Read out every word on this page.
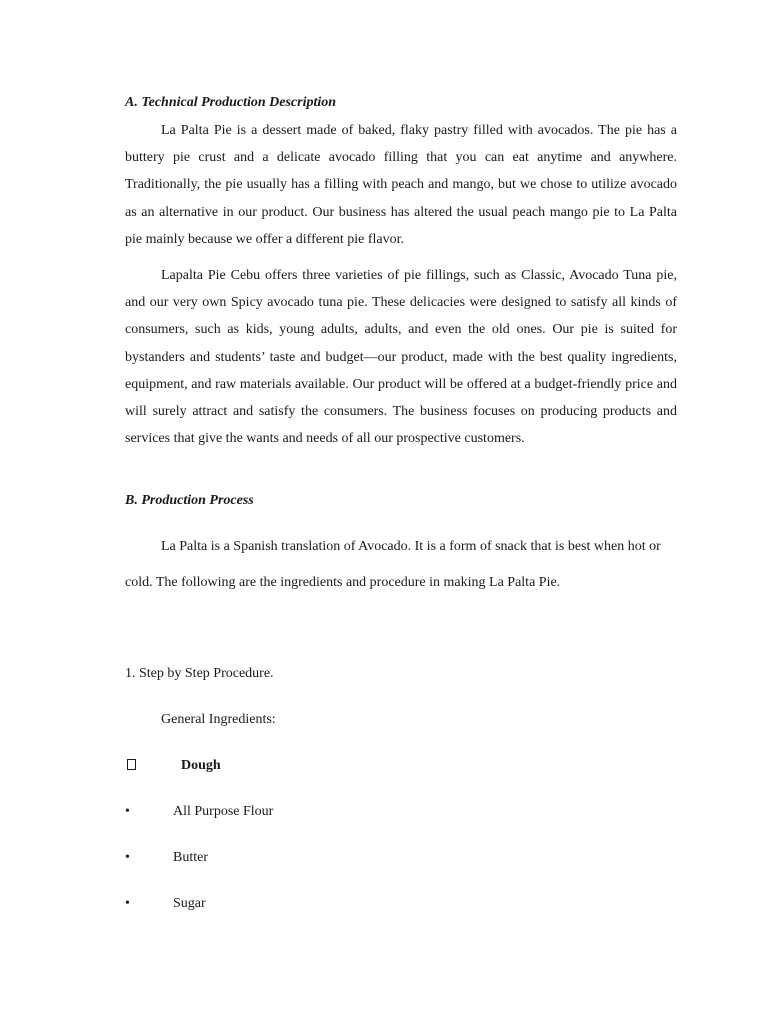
A. Technical Production Description

La Palta Pie is a dessert made of baked, flaky pastry filled with avocados. The pie has a buttery pie crust and a delicate avocado filling that you can eat anytime and anywhere. Traditionally, the pie usually has a filling with peach and mango, but we chose to utilize avocado as an alternative in our product. Our business has altered the usual peach mango pie to La Palta pie mainly because we offer a different pie flavor.

Lapalta Pie Cebu offers three varieties of pie fillings, such as Classic, Avocado Tuna pie, and our very own Spicy avocado tuna pie. These delicacies were designed to satisfy all kinds of consumers, such as kids, young adults, adults, and even the old ones. Our pie is suited for bystanders and students’ taste and budget—our product, made with the best quality ingredients, equipment, and raw materials available. Our product will be offered at a budget-friendly price and will surely attract and satisfy the consumers. The business focuses on producing products and services that give the wants and needs of all our prospective customers.

B. Production Process

La Palta is a Spanish translation of Avocado. It is a form of snack that is best when hot or cold. The following are the ingredients and procedure in making La Palta Pie.

1. Step by Step Procedure.

General Ingredients:

Dough

•	All Purpose Flour

•	Butter

•	Sugar
